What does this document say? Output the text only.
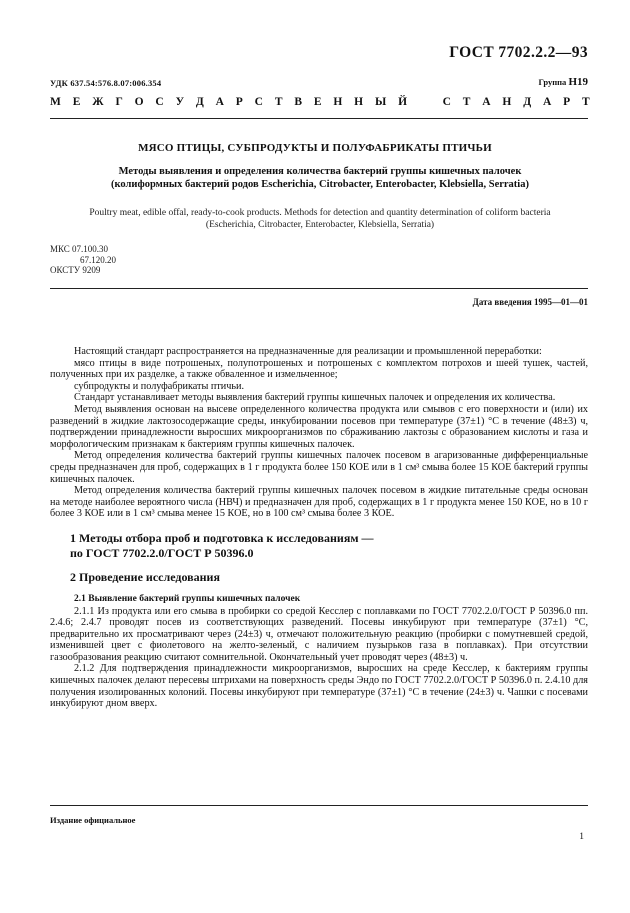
ГОСТ 7702.2.2—93
УДК 637.54:576.8.07:006.354	Группа Н19
М Е Ж Г О С У Д А Р С Т В Е Н Н Ы Й	С Т А Н Д А Р Т
МЯСО ПТИЦЫ, СУБПРОДУКТЫ И ПОЛУФАБРИКАТЫ ПТИЧЬИ
Методы выявления и определения количества бактерий группы кишечных палочек
(колиформных бактерий родов Escherichia, Citrobacter, Enterobacter, Klebsiella, Serratia)
Poultry meat, edible offal, ready-to-cook products. Methods for detection and quantity determination of coliform bacteria (Escherichia, Citrobacter, Enterobacter, Klebsiella, Serratia)
МКС 07.100.30
67.120.20
ОКСТУ 9209
Дата введения 1995—01—01

Настоящий стандарт распространяется на предназначенные для реализации и промышленной переработки:

мясо птицы в виде потрошеных, полупотрошеных и потрошеных с комплектом потрохов и шеей тушек, частей, полученных при их разделке, а также обваленное и измельченное;

субпродукты и полуфабрикаты птичьи.

Стандарт устанавливает методы выявления бактерий группы кишечных палочек и определения их количества.

Метод выявления основан на высеве определенного количества продукта или смывов с его поверхности и (или) их разведений в жидкие лактозосодержащие среды, инкубировании посевов при температуре (37±1) °С в течение (48±3) ч, подтверждении принадлежности выросших микроорганизмов по сбраживанию лактозы с образованием кислоты и газа и морфологическим признакам к бактериям группы кишечных палочек.

Метод определения количества бактерий группы кишечных палочек посевом в агаризованные дифференциальные среды предназначен для проб, содержащих в 1 г продукта более 150 КОЕ или в 1 см³ смыва более 15 КОЕ бактерий группы кишечных палочек.

Метод определения количества бактерий группы кишечных палочек посевом в жидкие питательные среды основан на методе наиболее вероятного числа (НВЧ) и предназначен для проб, содержащих в 1 г продукта менее 150 КОЕ, но в 10 г более 3 КОЕ или в 1 см³ смыва менее 15 КОЕ, но в 100 см³ смыва более 3 КОЕ.

1 Методы отбора проб и подготовка к исследованиям —
по ГОСТ 7702.2.0/ГОСТ Р 50396.0
2 Проведение исследования
2.1 Выявление бактерий группы кишечных палочек

2.1.1 Из продукта или его смыва в пробирки со средой Кесслер с поплавками по ГОСТ 7702.2.0/ГОСТ Р 50396.0 пп. 2.4.6; 2.4.7 проводят посев из соответствующих разведений. Посевы инкубируют при температуре (37±1) °С, предварительно их просматривают через (24±3) ч, отмечают положительную реакцию (пробирки с помутневшей средой, изменившей цвет с фиолетового на желто-зеленый, с наличием пузырьков газа в поплавках). При отсутствии газообразования реакцию считают сомнительной. Окончательный учет проводят через (48±3) ч.

2.1.2 Для подтверждения принадлежности микроорганизмов, выросших на среде Кесслер, к бактериям группы кишечных палочек делают пересевы штрихами на поверхность среды Эндо по ГОСТ 7702.2.0/ГОСТ Р 50396.0 п. 2.4.10 для получения изолированных колоний. Посевы инкубируют при температуре (37±1) °С в течение (24±3) ч. Чашки с посевами инкубируют дном вверх.

Издание официальное
1
